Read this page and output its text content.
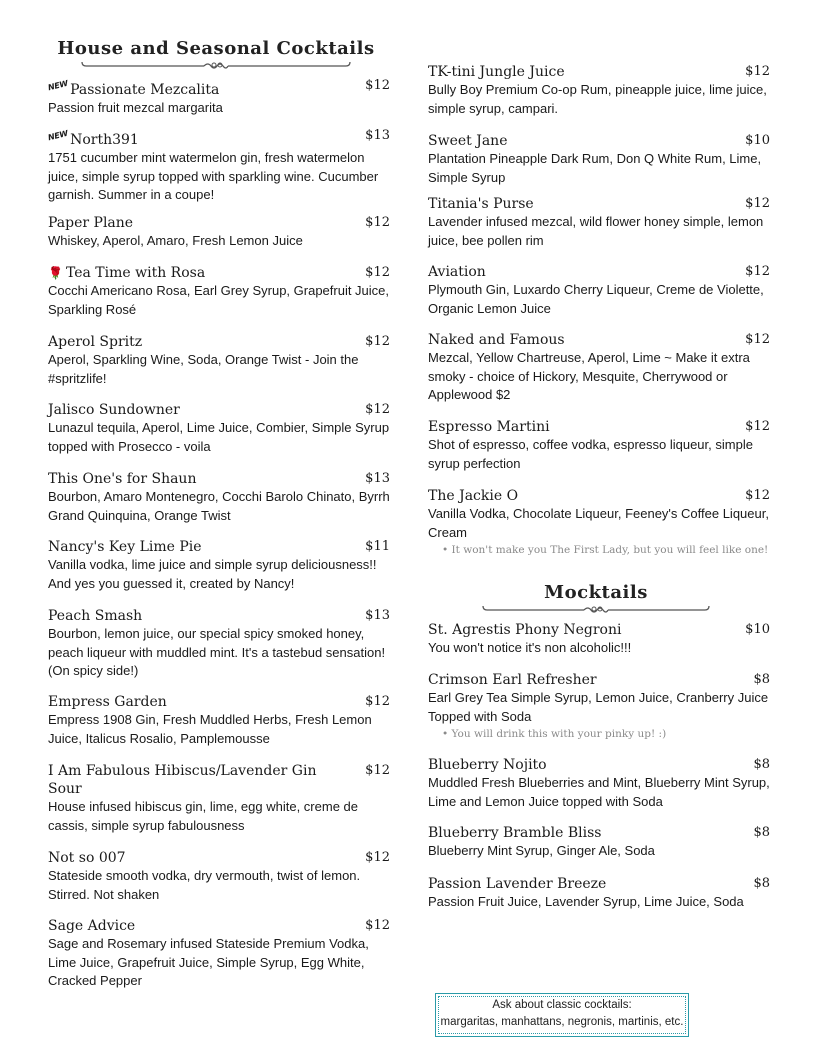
House and Seasonal Cocktails
NEWPassionate Mezcalita	$12

Passion fruit mezcal margarita

NEWNorth391	$13

1751 cucumber mint watermelon gin, fresh watermelon juice, simple syrup topped with sparkling wine. Cucumber garnish. Summer in a coupe!

Paper Plane	$12

Whiskey, Aperol, Amaro, Fresh Lemon Juice

🌹 Tea Time with Rosa	$12

Cocchi Americano Rosa, Earl Grey Syrup, Grapefruit Juice, Sparkling Rosé

Aperol Spritz	$12

Aperol, Sparkling Wine, Soda, Orange Twist - Join the #spritzlife!

Jalisco Sundowner	$12

Lunazul tequila, Aperol, Lime Juice, Combier, Simple Syrup topped with Prosecco - voila

This One's for Shaun	$13

Bourbon, Amaro Montenegro, Cocchi Barolo Chinato, Byrrh Grand Quinquina, Orange Twist

Nancy's Key Lime Pie	$11

Vanilla vodka, lime juice and simple syrup deliciousness!! And yes you guessed it, created by Nancy!

Peach Smash	$13

Bourbon, lemon juice, our special spicy smoked honey, peach liqueur with muddled mint. It's a tastebud sensation! (On spicy side!)

Empress Garden	$12

Empress 1908 Gin, Fresh Muddled Herbs, Fresh Lemon Juice, Italicus Rosalio, Pamplemousse

I Am Fabulous Hibiscus/Lavender Gin Sour
$12

House infused hibiscus gin, lime, egg white, creme de cassis, simple syrup fabulousness

Not so 007	$12

Stateside smooth vodka, dry vermouth, twist of lemon. Stirred. Not shaken

Sage Advice	$12

Sage and Rosemary infused Stateside Premium Vodka, Lime Juice, Grapefruit Juice, Simple Syrup, Egg White, Cracked Pepper

TK-tini Jungle Juice	$12

Bully Boy Premium Co-op Rum, pineapple juice, lime juice, simple syrup, campari.

Sweet Jane	$10

Plantation Pineapple Dark Rum, Don Q White Rum, Lime, Simple Syrup

Titania's Purse	$12

Lavender infused mezcal, wild flower honey simple, lemon juice, bee pollen rim

Aviation	$12

Plymouth Gin, Luxardo Cherry Liqueur, Creme de Violette, Organic Lemon Juice

Naked and Famous	$12

Mezcal, Yellow Chartreuse, Aperol, Lime ~ Make it extra smoky - choice of Hickory, Mesquite, Cherrywood or Applewood $2

Espresso Martini	$12

Shot of espresso, coffee vodka, espresso liqueur, simple syrup perfection

The Jackie O	$12

Vanilla Vodka, Chocolate Liqueur, Feeney's Coffee Liqueur, Cream

• It won't make you The First Lady, but you will feel like one!
Mocktails
St. Agrestis Phony Negroni	$10

You won't notice it's non alcoholic!!!

Crimson Earl Refresher	$8

Earl Grey Tea Simple Syrup, Lemon Juice, Cranberry Juice Topped with Soda

• You will drink this with your pinky up! :)
Blueberry Nojito	$8

Muddled Fresh Blueberries and Mint, Blueberry Mint Syrup, Lime and Lemon Juice topped with Soda

Blueberry Bramble Bliss	$8

Blueberry Mint Syrup, Ginger Ale, Soda

Passion Lavender Breeze	$8

Passion Fruit Juice, Lavender Syrup, Lime Juice, Soda

Ask about classic cocktails:
margaritas, manhattans, negronis, martinis, etc.
